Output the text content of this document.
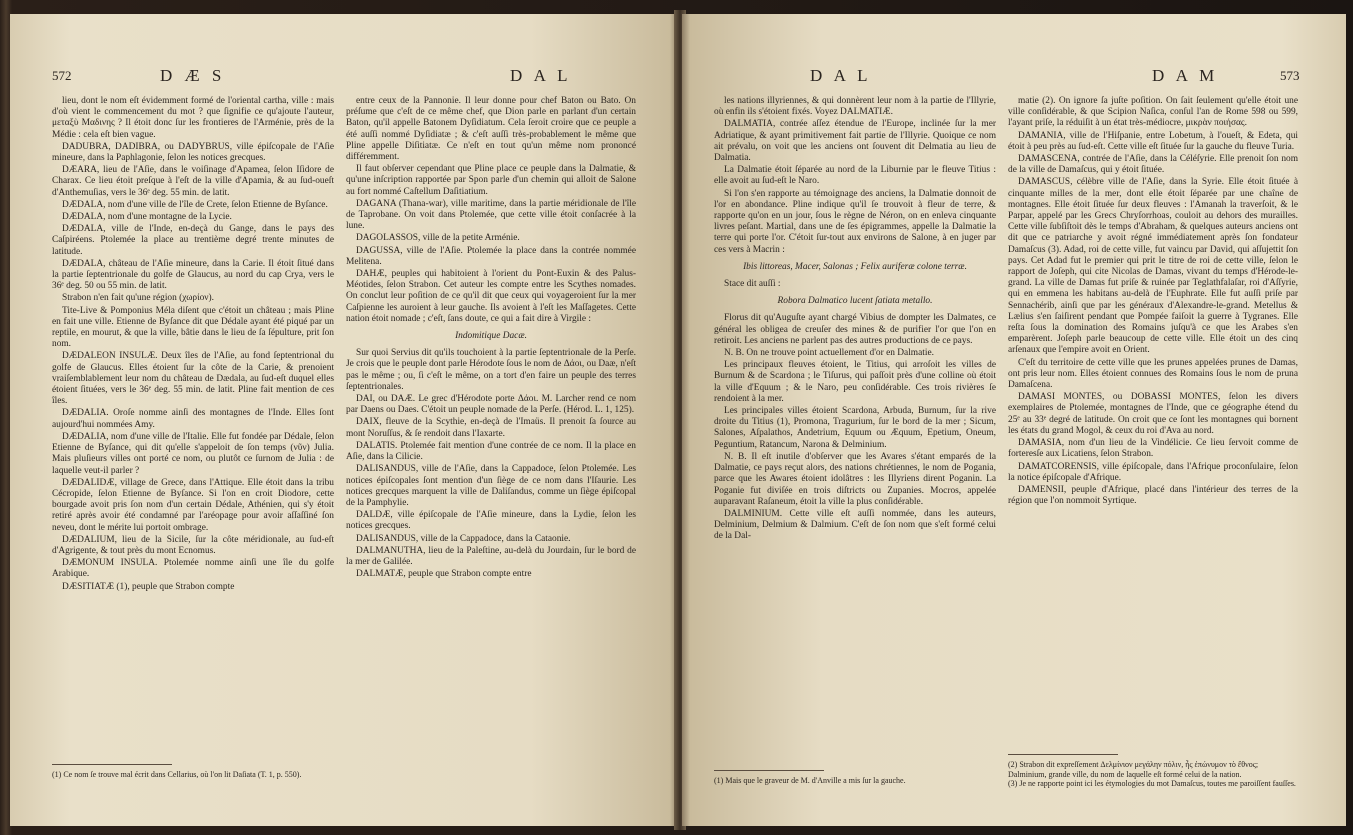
572	D Æ S	D A L

lieu, dont le nom eſt évidemment formé de l'oriental cartha, ville : mais d'où vient le commencement du mot ? que ſignifie ce qu'ajoute l'auteur, μεταξὺ Μαδινης ? Il étoit donc ſur les frontieres de l'Arménie, près de la Médie : cela eſt bien vague.

DADUBRA, DADIBRA, ou DADYBRUS, ville épiſcopale de l'Aſie mineure, dans la Paphlagonie, ſelon les notices grecques.

DÆARA, lieu de l'Aſie, dans le voiſinage d'Apamea, ſelon Iſidore de Charax. Ce lieu étoit preſque à l'eſt de la ville d'Apamia, & au ſud-oueſt d'Anthemuſias, vers le 36ᵉ deg. 55 min. de latit.

DÆDALA, nom d'une ville de l'île de Crete, ſelon Etienne de Byſance.

DÆDALA, nom d'une montagne de la Lycie.

DÆDALA, ville de l'Inde, en-deçà du Gange, dans le pays des Caſpiréens. Ptolemée la place au trentième degré trente minutes de latitude.

DÆDALA, château de l'Aſie mineure, dans la Carie. Il étoit ſitué dans la partie ſeptentrionale du golfe de Glaucus, au nord du cap Crya, vers le 36ᵉ deg. 50 ou 55 min. de latit.

Strabon n'en fait qu'une région (χωρίον).

Tite-Live & Pomponius Méla diſent que c'étoit un château ; mais Pline en fait une ville. Etienne de Byſance dit que Dédale ayant été piqué par un reptile, en mourut, & que la ville, bâtie dans le lieu de ſa ſépulture, prit ſon nom.

DÆDALEON INSULÆ. Deux îles de l'Aſie, au fond ſeptentrional du golfe de Glaucus. Elles étoient ſur la côte de la Carie, & prenoient vraiſemblablement leur nom du château de Dædala, au ſud-eſt duquel elles étoient ſituées, vers le 36ᵉ deg. 55 min. de latit. Pline fait mention de ces îles.

DÆDALIA. Oroſe nomme ainſi des montagnes de l'Inde. Elles ſont aujourd'hui nommées Amy.

DÆDALIA, nom d'une ville de l'Italie. Elle fut fondée par Dédale, ſelon Etienne de Byſance, qui dit qu'elle s'appeloit de ſon temps (νῦν) Julia. Mais pluſieurs villes ont porté ce nom, ou plutôt ce ſurnom de Julia : de laquelle veut-il parler ?

DÆDALIDÆ, village de Grece, dans l'Attique. Elle étoit dans la tribu Cécropide, ſelon Etienne de Byſance. Si l'on en croit Diodore, cette bourgade avoit pris ſon nom d'un certain Dédale, Athénien, qui s'y étoit retiré après avoir été condamné par l'aréopage pour avoir aſſaſſiné ſon neveu, dont le mérite lui portoit ombrage.

DÆDALIUM, lieu de la Sicile, ſur la côte méridionale, au ſud-eſt d'Agrigente, & tout près du mont Ecnomus.

DÆMONUM INSULA. Ptolemée nomme ainſi une île du golfe Arabique.

DÆSITIATÆ (1), peuple que Strabon compte

(1) Ce nom ſe trouve mal écrit dans Cellarius, où l'on lit Daſiata (T. 1, p. 550).

entre ceux de la Pannonie. Il leur donne pour chef Baton ou Bato. On préſume que c'eſt de ce même chef, que Dion parle en parlant d'un certain Baton, qu'il appelle Batonem Dyſidiatum. Cela ſeroit croire que ce peuple a été auſſi nommé Dyſidiatæ ; & c'eſt auſſi très-probablement le même que Pline appelle Diſitiatæ. Ce n'eſt en tout qu'un même nom prononcé différemment.

Il faut obſerver cependant que Pline place ce peuple dans la Dalmatie, & qu'une inſcription rapportée par Spon parle d'un chemin qui alloit de Salone au fort nommé Caſtellum Daſitiatium.

DAGANA (Thana-war), ville maritime, dans la partie méridionale de l'île de Taprobane. On voit dans Ptolemée, que cette ville étoit conſacrée à la lune.

DAGOLASSOS, ville de la petite Arménie.

DAGUSSA, ville de l'Aſie. Ptolemée la place dans la contrée nommée Melitena.

DAHÆ, peuples qui habitoient à l'orient du Pont-Euxin & des Palus-Méotides, ſelon Strabon. Cet auteur les compte entre les Scythes nomades. On conclut leur poſition de ce qu'il dit que ceux qui voyageroient ſur la mer Caſpienne les auroient à leur gauche. Ils avoient à l'eſt les Maſſagetes. Cette nation étoit nomade ; c'eſt, ſans doute, ce qui a fait dire à Virgile :

Indomitique Dacæ.

Sur quoi Servius dit qu'ils touchoient à la partie ſeptentrionale de la Perſe. Je crois que le peuple dont parle Hérodote ſous le nom de Δάοι, ou Daæ, n'eſt pas le même ; ou, ſi c'eſt le même, on a tort d'en faire un peuple des terres ſeptentrionales.

DAI, ou DAÆ. Le grec d'Hérodote porte Δάοι. M. Larcher rend ce nom par Daens ou Daes. C'étoit un peuple nomade de la Perſe. (Hérod. L. 1, 125).

DAIX, fleuve de la Scythie, en-deçà de l'Imaüs. Il prenoit ſa ſource au mont Noruſſus, & ſe rendoit dans l'Iaxarte.

DALATIS. Ptolemée fait mention d'une contrée de ce nom. Il la place en Aſie, dans la Cilicie.

DALISANDUS, ville de l'Aſie, dans la Cappadoce, ſelon Ptolemée. Les notices épiſcopales ſont mention d'un ſiège de ce nom dans l'Iſaurie. Les notices grecques marquent la ville de Daliſandus, comme un ſiège épiſcopal de la Pamphylie.

DALDÆ, ville épiſcopale de l'Aſie mineure, dans la Lydie, ſelon les notices grecques.

DALISANDUS, ville de la Cappadoce, dans la Cataonie.

DALMANUTHA, lieu de la Paleſtine, au-delà du Jourdain, ſur le bord de la mer de Galilée.

DALMATÆ, peuple que Strabon compte entre

D A L	D A M	573

les nations illyriennes, & qui donnèrent leur nom à la partie de l'Illyrie, où enfin ils s'étoient fixés. Voyez DALMATIÆ.

DALMATIA, contrée aſſez étendue de l'Europe, inclinée ſur la mer Adriatique, & ayant primitivement fait partie de l'Illyrie. Quoique ce nom ait prévalu, on voit que les anciens ont ſouvent dit Delmatia au lieu de Dalmatia.

La Dalmatie étoit ſéparée au nord de la Liburnie par le fleuve Titius : elle avoit au ſud-eſt le Naro.

Si l'on s'en rapporte au témoignage des anciens, la Dalmatie donnoit de l'or en abondance. Pline indique qu'il ſe trouvoit à fleur de terre, & rapporte qu'on en un jour, ſous le règne de Néron, on en enleva cinquante livres peſant. Martial, dans une de ſes épigrammes, appelle la Dalmatie la terre qui porte l'or. C'étoit ſur-tout aux environs de Salone, à en juger par ces vers à Macrin :

Ibis littoreas, Macer, Salonas ; Felix auriferæ colone terræ.

Stace dit auſſi :

Robora Dalmatico lucent ſatiata metallo.

Florus dit qu'Auguſte ayant chargé Vibius de dompter les Dalmates, ce général les obligea de creuſer des mines & de purifier l'or que l'on en retiroit. Les anciens ne parlent pas des autres productions de ce pays.

N. B. On ne trouve point actuellement d'or en Dalmatie.

Les principaux fleuves étoient, le Titius, qui arroſoit les villes de Burnum & de Scardona ; le Tiſurus, qui paſſoit près d'une colline où étoit la ville d'Equum ; & le Naro, peu conſidérable. Ces trois rivières ſe rendoient à la mer.

Les principales villes étoient Scardona, Arbuda, Burnum, ſur la rive droite du Titius (1), Promona, Tragurium, ſur le bord de la mer ; Sicum, Salones, Aſpalathos, Andetrium, Equum ou Æquum, Epetium, Oneum, Peguntium, Ratancum, Narona & Delminium.

N. B. Il eſt inutile d'obſerver que les Avares s'étant emparés de la Dalmatie, ce pays reçut alors, des nations chrétiennes, le nom de Pogania, parce que les Awares étoient idolâtres : les Illyriens dirent Poganin. La Poganie fut diviſée en trois diſtricts ou Zupanies. Mocros, appelée auparavant Raſaneum, étoit la ville la plus conſidérable.

DALMINIUM. Cette ville eſt auſſi nommée, dans les auteurs, Delminium, Delmium & Dalmium. C'eſt de ſon nom que s'eſt formé celui de la Dal-

(1) Mais que le graveur de M. d'Anville a mis ſur la gauche.

matie (2). On ignore ſa juſte poſition. On ſait ſeulement qu'elle étoit une ville conſidérable, & que Scipion Naſica, conſul l'an de Rome 598 ou 599, l'ayant priſe, la réduiſit à un état très-médiocre, μικρὰν ποιήσας.

DAMANIA, ville de l'Hiſpanie, entre Lobetum, à l'oueſt, & Edeta, qui étoit à peu près au ſud-eſt. Cette ville eſt ſituée ſur la gauche du fleuve Turia.

DAMASCENA, contrée de l'Aſie, dans la Céléſyrie. Elle prenoit ſon nom de la ville de Damaſcus, qui y étoit ſituée.

DAMASCUS, célèbre ville de l'Aſie, dans la Syrie. Elle étoit ſituée à cinquante milles de la mer, dont elle étoit ſéparée par une chaîne de montagnes. Elle étoit ſituée ſur deux fleuves : l'Amanah la traverſoit, & le Parpar, appelé par les Grecs Chryſorrhoas, couloit au dehors des murailles. Cette ville ſubſiſtoit dès le temps d'Abraham, & quelques auteurs anciens ont dit que ce patriarche y avoit régné immédiatement après ſon fondateur Damaſcus (3). Adad, roi de cette ville, fut vaincu par David, qui aſſujettit ſon pays. Cet Adad fut le premier qui prit le titre de roi de cette ville, ſelon le rapport de Joſeph, qui cite Nicolas de Damas, vivant du temps d'Hérode-le-grand. La ville de Damas fut priſe & ruinée par Teglathfalaſar, roi d'Aſſyrie, qui en emmena les habitans au-delà de l'Euphrate. Elle fut auſſi priſe par Sennachérib, ainſi que par les généraux d'Alexandre-le-grand. Metellus & Lælius s'en ſaiſirent pendant que Pompée faiſoit la guerre à Tygranes. Elle reſta ſous la domination des Romains juſqu'à ce que les Arabes s'en emparèrent. Joſeph parle beaucoup de cette ville. Elle étoit un des cinq arſenaux que l'empire avoit en Orient.

C'eſt du territoire de cette ville que les prunes appelées prunes de Damas, ont pris leur nom. Elles étoient connues des Romains ſous le nom de pruna Damaſcena.

DAMASI MONTES, ou DOBASSI MONTES, ſelon les divers exemplaires de Ptolemée, montagnes de l'Inde, que ce géographe étend du 25ᵉ au 33ᵉ degré de latitude. On croit que ce ſont les montagnes qui bornent les états du grand Mogol, & ceux du roi d'Ava au nord.

DAMASIA, nom d'un lieu de la Vindélicie. Ce lieu ſervoit comme de forteresſe aux Licatiens, ſelon Strabon.

DAMATCORENSIS, ville épiſcopale, dans l'Afrique proconſulaire, ſelon la notice épiſcopale d'Afrique.

DAMENSII, peuple d'Afrique, placé dans l'intérieur des terres de la région que l'on nommoit Syrtique.

(2) Strabon dit expreſſement Δελμίνιον μεγάλην πόλιν, ἧς ἐπώνυμον τὸ ἔθνος; Dalminium, grande ville, du nom de laquelle eſt formé celui de la nation.

(3) Je ne rapporte point ici les étymologies du mot Damaſcus, toutes me paroiſſent fauſſes.
